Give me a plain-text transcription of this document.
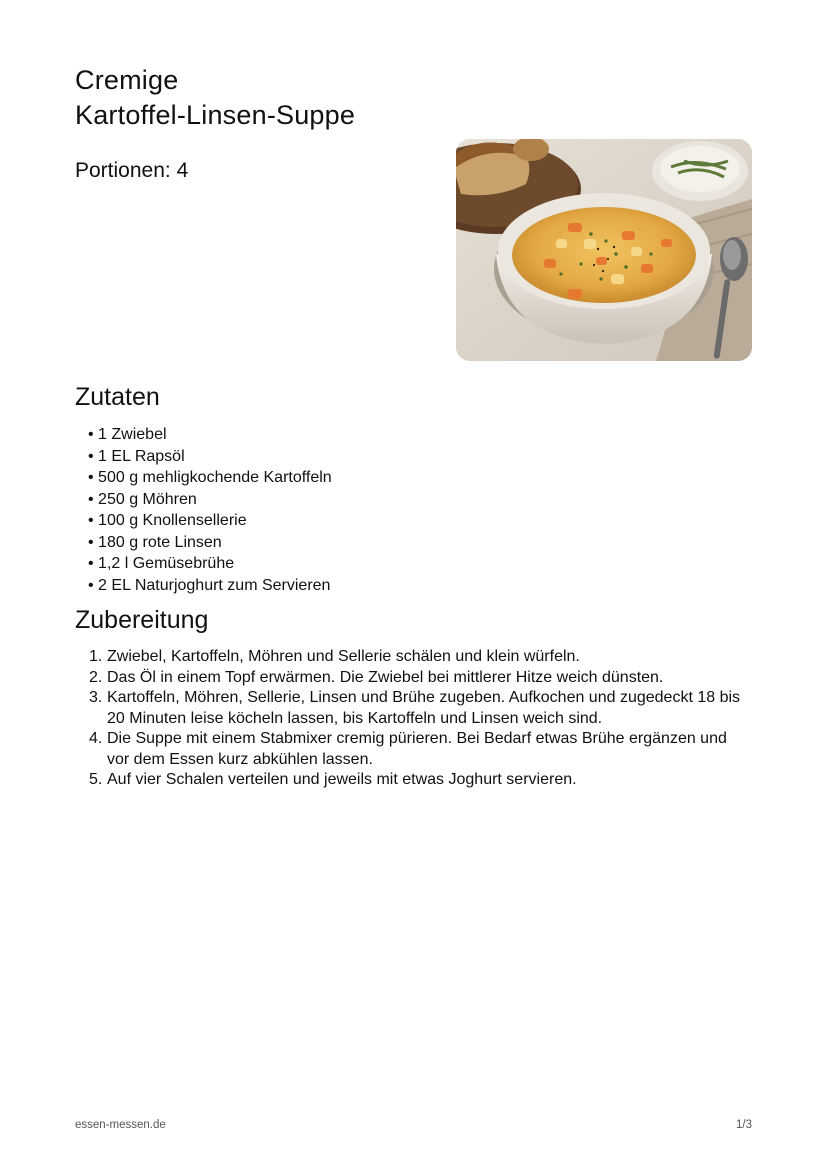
Cremige
Kartoffel-Linsen-Suppe
Portionen: 4
Zutaten
• 1 Zwiebel
• 1 EL Rapsöl
• 500 g mehligkochende Kartoffeln
• 250 g Möhren
• 100 g Knollensellerie
• 180 g rote Linsen
• 1,2 l Gemüsebrühe
• 2 EL Naturjoghurt zum Servieren
Zubereitung
1. Zwiebel, Kartoffeln, Möhren und Sellerie schälen und klein würfeln.
2. Das Öl in einem Topf erwärmen. Die Zwiebel bei mittlerer Hitze weich dünsten.
3. Kartoffeln, Möhren, Sellerie, Linsen und Brühe zugeben. Aufkochen und zugedeckt 18 bis 20 Minuten leise köcheln lassen, bis Kartoffeln und Linsen weich sind.
4. Die Suppe mit einem Stabmixer cremig pürieren. Bei Bedarf etwas Brühe ergänzen und vor dem Essen kurz abkühlen lassen.
5. Auf vier Schalen verteilen und jeweils mit etwas Joghurt servieren.
essen-messen.de	1/3
